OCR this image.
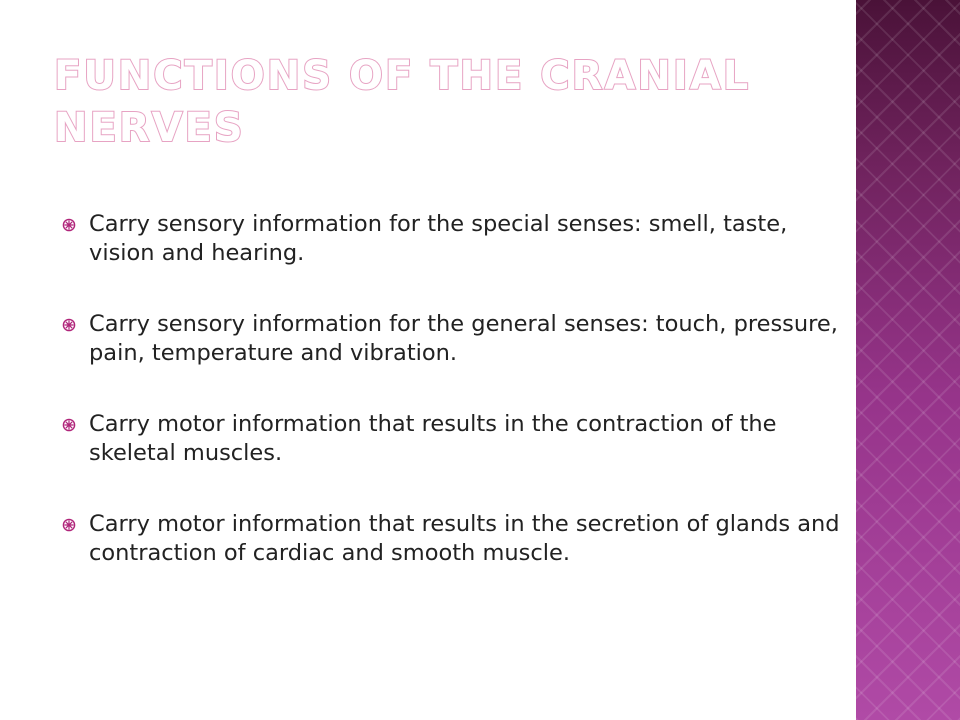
FUNCTIONS OF THE CRANIAL NERVES
Carry sensory information for the special senses: smell, taste, vision and hearing.
Carry sensory information for the general senses: touch, pressure, pain, temperature and vibration.
Carry motor information that results in the contraction of the skeletal muscles.
Carry motor information that results in the secretion of glands and contraction of cardiac and smooth muscle.
